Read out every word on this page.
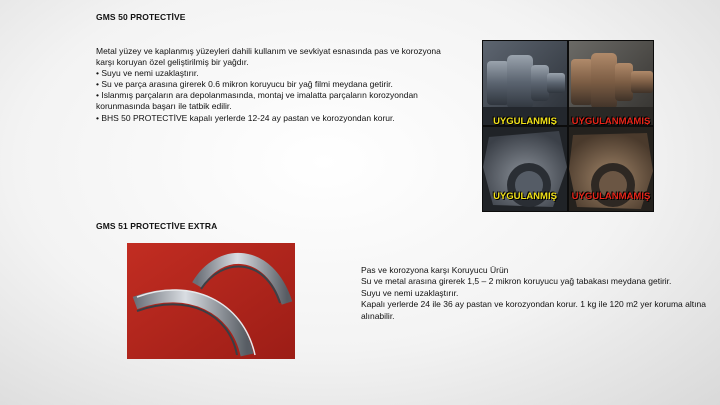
GMS 50 PROTECTİVE
Metal yüzey ve kaplanmış yüzeyleri dahili kullanım ve sevkiyat esnasında pas ve korozyona
karşı koruyan özel geliştirilmiş bir yağdır.
• Suyu ve nemi uzaklaştırır.
• Su ve parça arasına girerek 0.6 mikron koruyucu bir yağ filmi meydana getirir.
• Islanmış parçaların ara depolanmasında, montaj ve imalatta parçaların korozyondan
korunmasında başarı ile tatbik edilir.
• BHS 50 PROTECTİVE kapalı yerlerde 12-24 ay pastan ve korozyondan korur.	UYGULANMIŞ	UYGULANMAMIŞ
UYGULANMIŞ	UYGULANMAMIŞ
GMS 51 PROTECTİVE EXTRA
Pas ve korozyona karşı Koruyucu Ürün
Su ve metal arasına girerek 1,5 – 2 mikron koruyucu yağ tabakası meydana getirir.
Suyu ve nemi uzaklaştırır.
Kapalı yerlerde 24 ile 36 ay pastan ve korozyondan korur. 1 kg ile 120 m2 yer koruma altına alınabilir.
